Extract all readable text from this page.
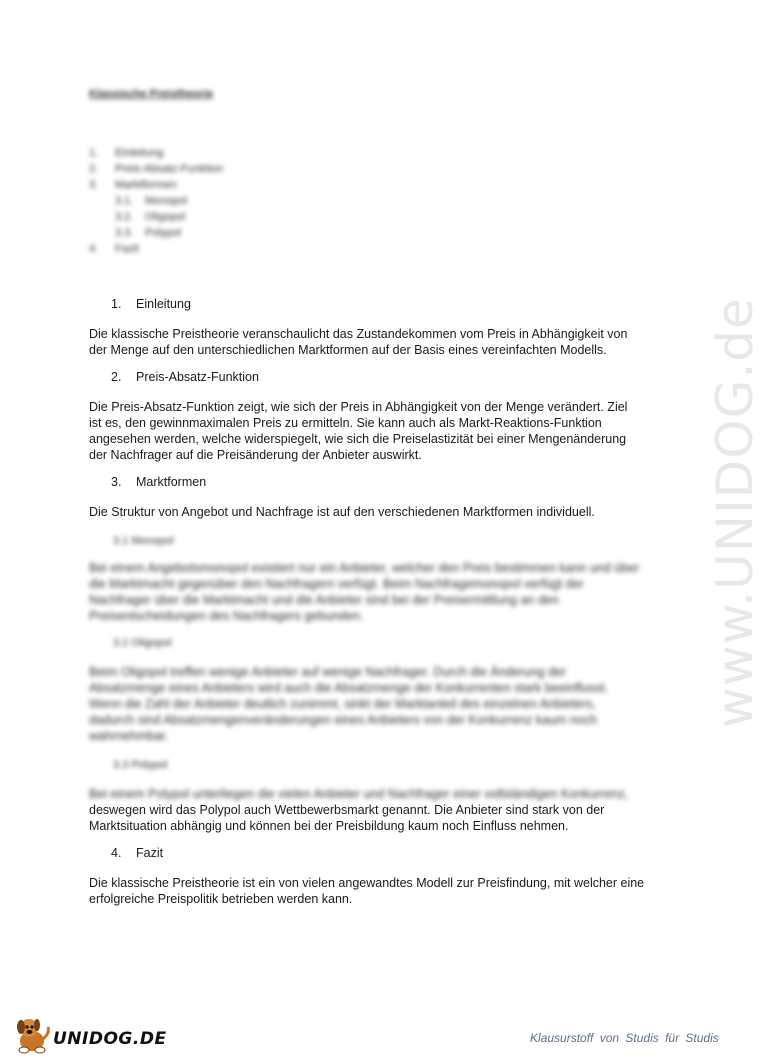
www.UNIDOG.de
Klassische Preistheorie
1. Einleitung
2. Preis-Absatz-Funktion
3. Marktformen
3.1. Monopol
3.2. Oligopol
3.3. Polypol
4. Fazit
1. Einleitung

Die klassische Preistheorie veranschaulicht das Zustandekommen vom Preis in Abhängigkeit von
der Menge auf den unterschiedlichen Marktformen auf der Basis eines vereinfachten Modells.

2. Preis-Absatz-Funktion

Die Preis-Absatz-Funktion zeigt, wie sich der Preis in Abhängigkeit von der Menge verändert. Ziel
ist es, den gewinnmaximalen Preis zu ermitteln. Sie kann auch als Markt-Reaktions-Funktion
angesehen werden, welche widerspiegelt, wie sich die Preiselastizität bei einer Mengenänderung
der Nachfrager auf die Preisänderung der Anbieter auswirkt.

3. Marktformen

Die Struktur von Angebot und Nachfrage ist auf den verschiedenen Marktformen individuell.

3.1 Monopol

Bei einem Angebotsmonopol existiert nur ein Anbieter, welcher den Preis bestimmen kann und über
die Marktmacht gegenüber den Nachfragern verfügt. Beim Nachfragemonopol verfügt der
Nachfrager über die Marktmacht und die Anbieter sind bei der Preisermittlung an den
Preisentscheidungen des Nachfragers gebunden.

3.2 Oligopol

Beim Oligopol treffen wenige Anbieter auf wenige Nachfrager. Durch die Änderung der
Absatzmenge eines Anbieters wird auch die Absatzmenge der Konkurrenten stark beeinflusst.
Wenn die Zahl der Anbieter deutlich zunimmt, sinkt der Marktanteil des einzelnen Anbieters,
dadurch sind Absatzmengenveränderungen eines Anbieters von der Konkurrenz kaum noch
wahrnehmbar.

3.3 Polypol

Bei einem Polypol unterliegen die vielen Anbieter und Nachfrager einer vollständigen Konkurrenz,

deswegen wird das Polypol auch Wettbewerbsmarkt genannt. Die Anbieter sind stark von der
Marktsituation abhängig und können bei der Preisbildung kaum noch Einfluss nehmen.

4. Fazit

Die klassische Preistheorie ist ein von vielen angewandtes Modell zur Preisfindung, mit welcher eine
erfolgreiche Preispolitik betrieben werden kann.

UNIDOG.DE	Klausurstoff von Studis für Studis
